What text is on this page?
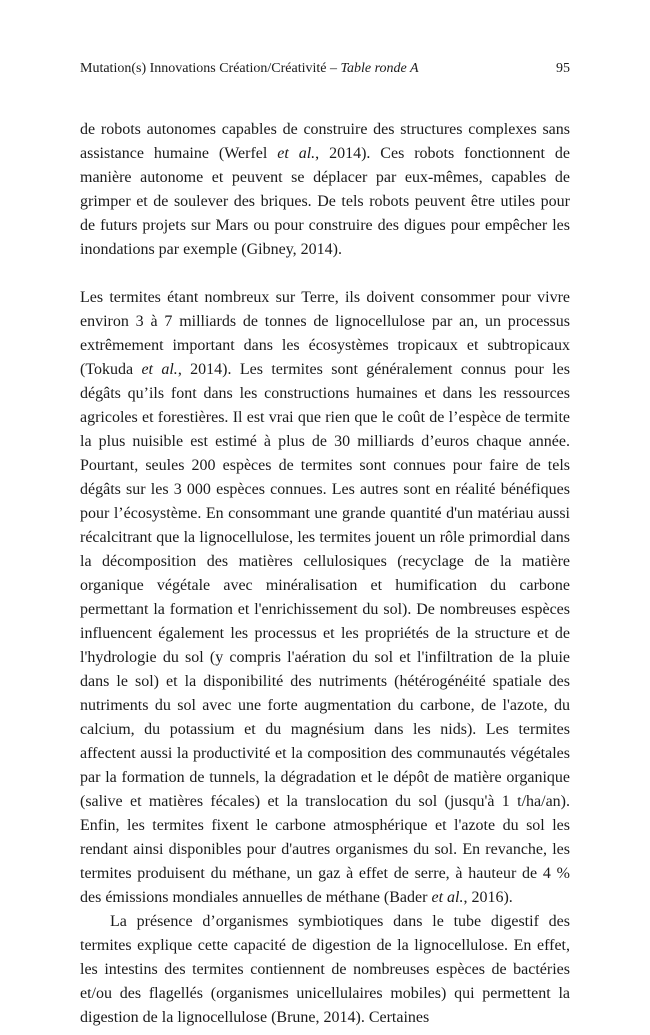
Mutation(s) Innovations Création/Créativité – Table ronde A	95

de robots autonomes capables de construire des structures complexes sans assistance humaine (Werfel et al., 2014). Ces robots fonctionnent de manière autonome et peuvent se déplacer par eux-mêmes, capables de grimper et de soulever des briques. De tels robots peuvent être utiles pour de futurs projets sur Mars ou pour construire des digues pour empêcher les inondations par exemple (Gibney, 2014).

Les termites étant nombreux sur Terre, ils doivent consommer pour vivre environ 3 à 7 milliards de tonnes de lignocellulose par an, un processus extrêmement important dans les écosystèmes tropicaux et subtropicaux (Tokuda et al., 2014). Les termites sont généralement connus pour les dégâts qu’ils font dans les constructions humaines et dans les ressources agricoles et forestières. Il est vrai que rien que le coût de l’espèce de termite la plus nuisible est estimé à plus de 30 milliards d’euros chaque année. Pourtant, seules 200 espèces de termites sont connues pour faire de tels dégâts sur les 3 000 espèces connues. Les autres sont en réalité bénéfiques pour l’écosystème. En consommant une grande quantité d'un matériau aussi récalcitrant que la lignocellulose, les termites jouent un rôle primordial dans la décomposition des matières cellulosiques (recyclage de la matière organique végétale avec minéralisation et humification du carbone permettant la formation et l'enrichissement du sol). De nombreuses espèces influencent également les processus et les propriétés de la structure et de l'hydrologie du sol (y compris l'aération du sol et l'infiltration de la pluie dans le sol) et la disponibilité des nutriments (hétérogénéité spatiale des nutriments du sol avec une forte augmentation du carbone, de l'azote, du calcium, du potassium et du magnésium dans les nids). Les termites affectent aussi la productivité et la composition des communautés végétales par la formation de tunnels, la dégradation et le dépôt de matière organique (salive et matières fécales) et la translocation du sol (jusqu'à 1 t/ha/an). Enfin, les termites fixent le carbone atmosphérique et l'azote du sol les rendant ainsi disponibles pour d'autres organismes du sol. En revanche, les termites produisent du méthane, un gaz à effet de serre, à hauteur de 4 % des émissions mondiales annuelles de méthane (Bader et al., 2016).

La présence d’organismes symbiotiques dans le tube digestif des termites explique cette capacité de digestion de la lignocellulose. En effet, les intestins des termites contiennent de nombreuses espèces de bactéries et/ou des flagellés (organismes unicellulaires mobiles) qui permettent la digestion de la lignocellulose (Brune, 2014). Certaines
